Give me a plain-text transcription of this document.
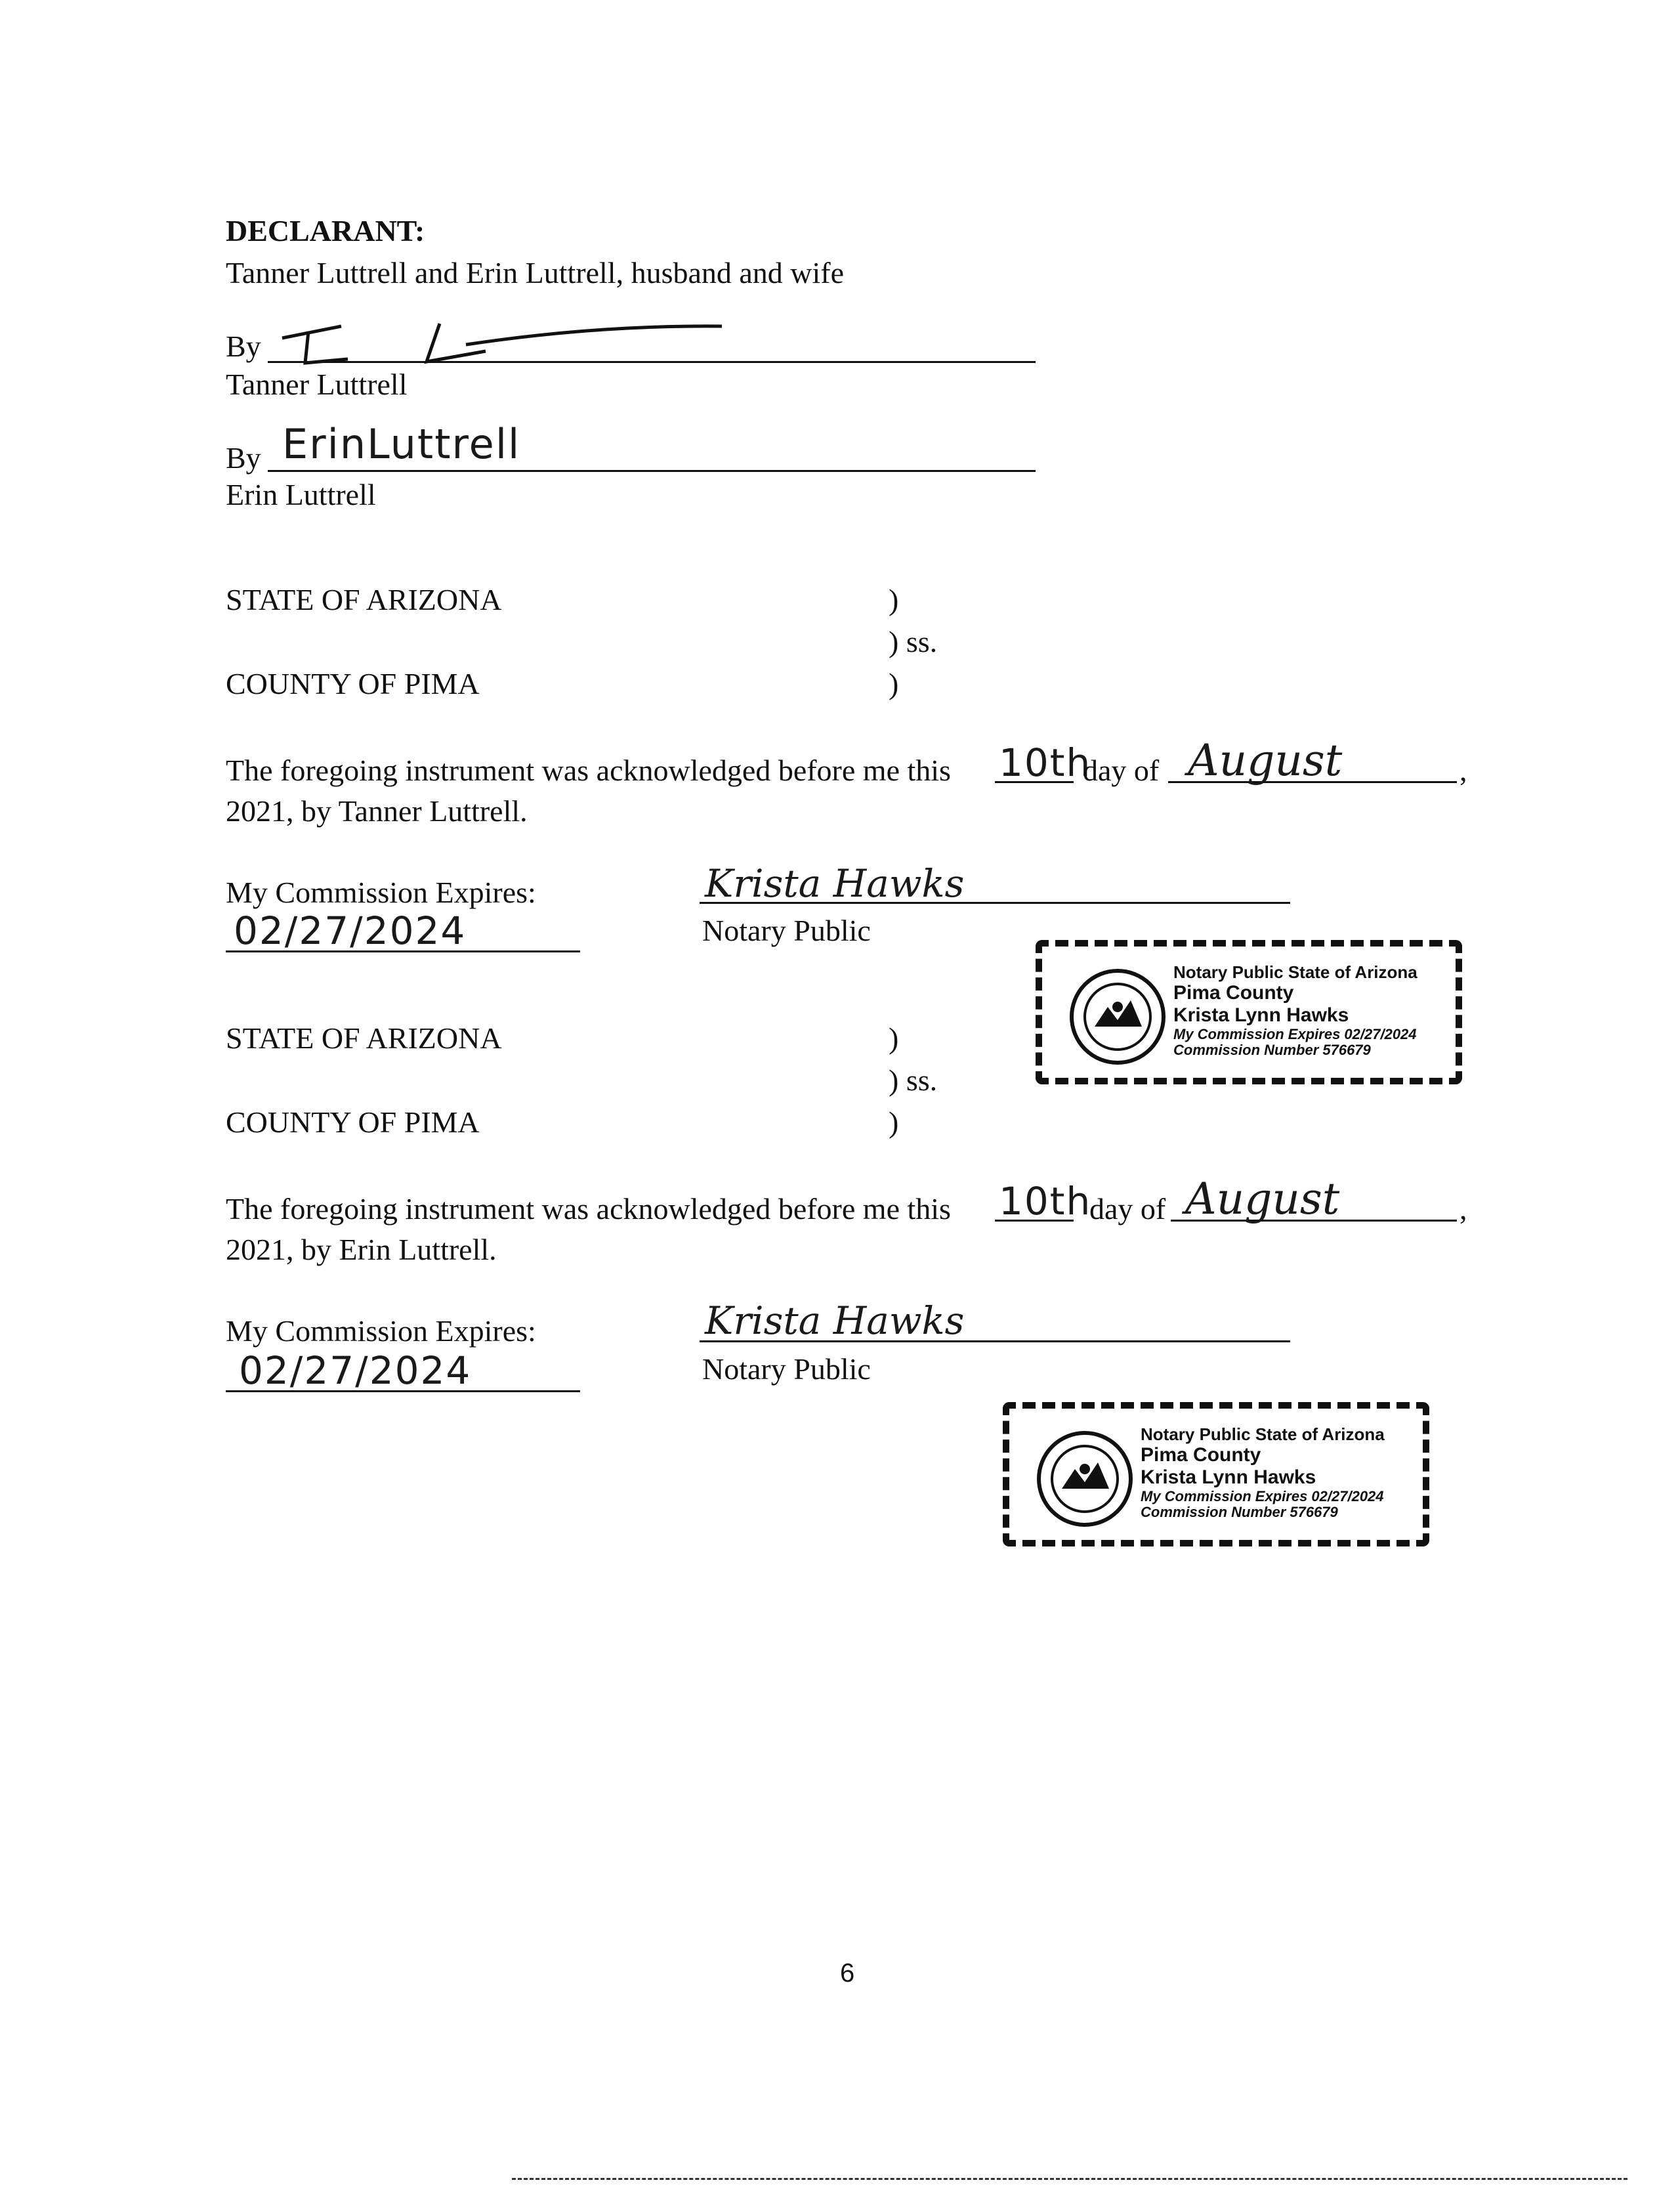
DECLARANT:
Tanner Luttrell and Erin Luttrell, husband and wife
By
Tanner Luttrell
By ErinLuttrell
Erin Luttrell
STATE OF ARIZONA	)
) ss.
COUNTY OF PIMA	)
The foregoing instrument was acknowledged before me this 10th
day of August	,
2021, by Tanner Luttrell.
My Commission Expires:
02/27/2024
Krista Hawks
Notary Public
Notary Public State of Arizona
Pima County
Krista Lynn Hawks
My Commission Expires 02/27/2024
Commission Number 576679
STATE OF ARIZONA	)
) ss.
COUNTY OF PIMA	)
The foregoing instrument was acknowledged before me this 10th
day of August	,
2021, by Erin Luttrell.
My Commission Expires:
02/27/2024
Krista Hawks
Notary Public
Notary Public State of Arizona
Pima County
Krista Lynn Hawks
My Commission Expires 02/27/2024
Commission Number 576679
6
